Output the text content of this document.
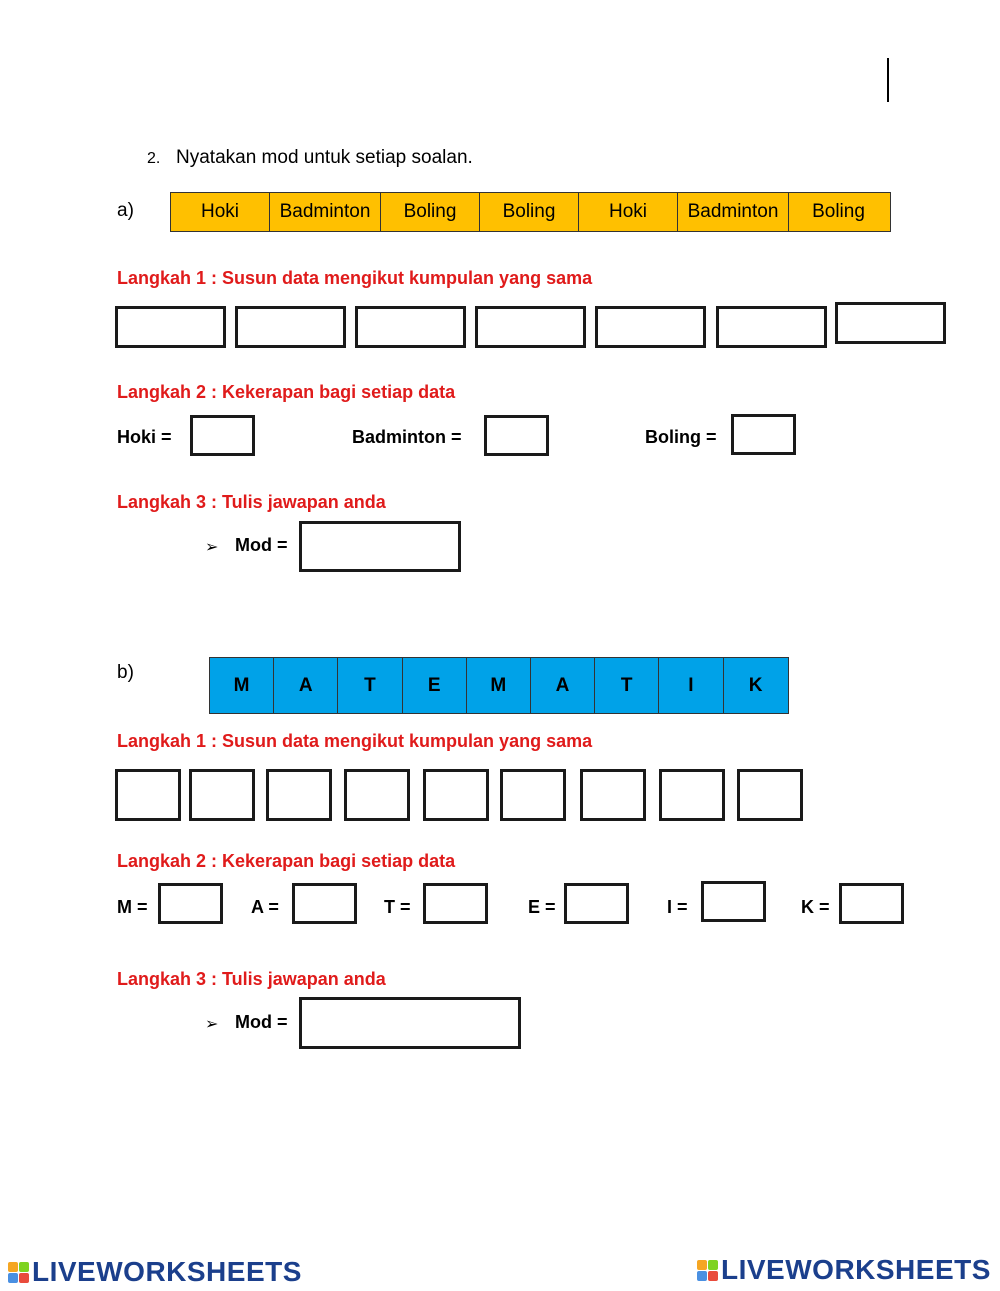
2. Nyatakan mod untuk setiap soalan.
a)	Hoki	Badminton	Boling	Boling	Hoki	Badminton	Boling
Langkah 1 : Susun data mengikut kumpulan yang sama
Langkah 2 : Kekerapan bagi setiap data
Hoki =	Badminton =	Boling =
Langkah 3 : Tulis jawapan anda
➢ Mod =
b)
M	A	T	E	M	A	T	I	K
Langkah 1 : Susun data mengikut kumpulan yang sama
Langkah 2 : Kekerapan bagi setiap data
M =	A =	T =	E =	I =	K =
Langkah 3 : Tulis jawapan anda
➢ Mod =
LIVEWORKSHEETS	LIVEWORKSHEETS
